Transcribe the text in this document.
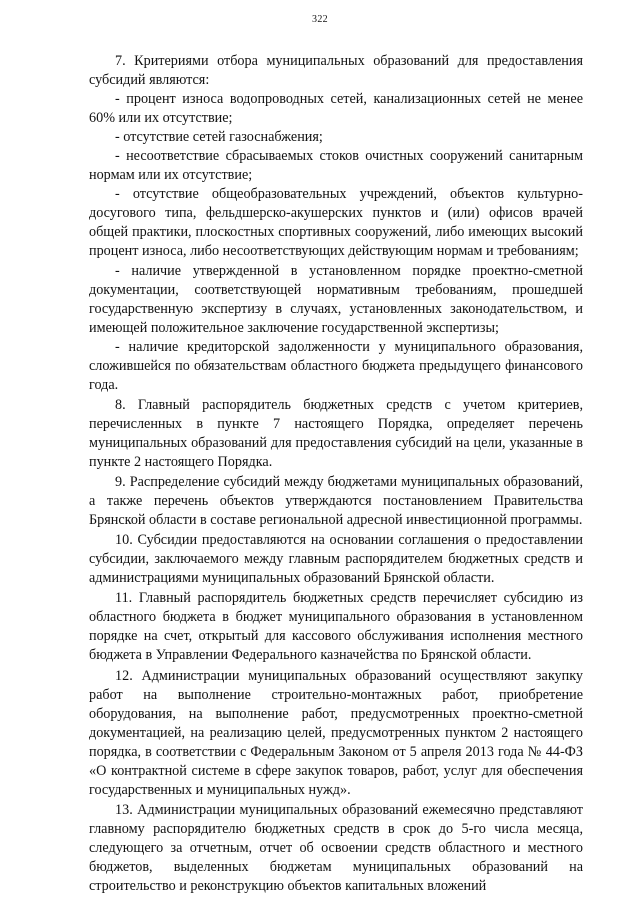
322

7. Критериями отбора муниципальных образований для предоставления субсидий являются:

- процент износа водопроводных сетей, канализационных сетей не менее 60% или их отсутствие;

- отсутствие сетей газоснабжения;

- несоответствие сбрасываемых стоков очистных сооружений санитарным нормам или их отсутствие;

- отсутствие общеобразовательных учреждений, объектов культурно-досугового типа, фельдшерско-акушерских пунктов и (или) офисов врачей общей практики, плоскостных спортивных сооружений, либо имеющих высокий процент износа, либо несоответствующих действующим нормам и требованиям;

- наличие утвержденной в установленном порядке проектно-сметной документации, соответствующей нормативным требованиям, прошедшей государственную экспертизу в случаях, установленных законодательством, и имеющей положительное заключение государственной экспертизы;

- наличие кредиторской задолженности у муниципального образования, сложившейся по обязательствам областного бюджета предыдущего финансового года.

8. Главный распорядитель бюджетных средств с учетом критериев, перечисленных в пункте 7 настоящего Порядка, определяет перечень муниципальных образований для предоставления субсидий на цели, указанные в пункте 2 настоящего Порядка.

9. Распределение субсидий между бюджетами муниципальных образований, а также перечень объектов утверждаются постановлением Правительства Брянской области в составе региональной адресной инвестиционной программы.

10. Субсидии предоставляются на основании соглашения о предоставлении субсидии, заключаемого между главным распорядителем бюджетных средств и администрациями муниципальных образований Брянской области.

11. Главный распорядитель бюджетных средств перечисляет субсидию из областного бюджета в бюджет муниципального образования в установленном порядке на счет, открытый для кассового обслуживания исполнения местного бюджета в Управлении Федерального казначейства по Брянской области.

12. Администрации муниципальных образований осуществляют закупку работ на выполнение строительно-монтажных работ, приобретение оборудования, на выполнение работ, предусмотренных проектно-сметной документацией, на реализацию целей, предусмотренных пунктом 2 настоящего порядка, в соответствии с Федеральным Законом от 5 апреля 2013 года № 44-ФЗ «О контрактной системе в сфере закупок товаров, работ, услуг для обеспечения государственных и муниципальных нужд».

13. Администрации муниципальных образований ежемесячно представляют главному распорядителю бюджетных средств в срок до 5-го числа месяца, следующего за отчетным, отчет об освоении средств областного и местного бюджетов, выделенных бюджетам муниципальных образований на строительство и реконструкцию объектов капитальных вложений
